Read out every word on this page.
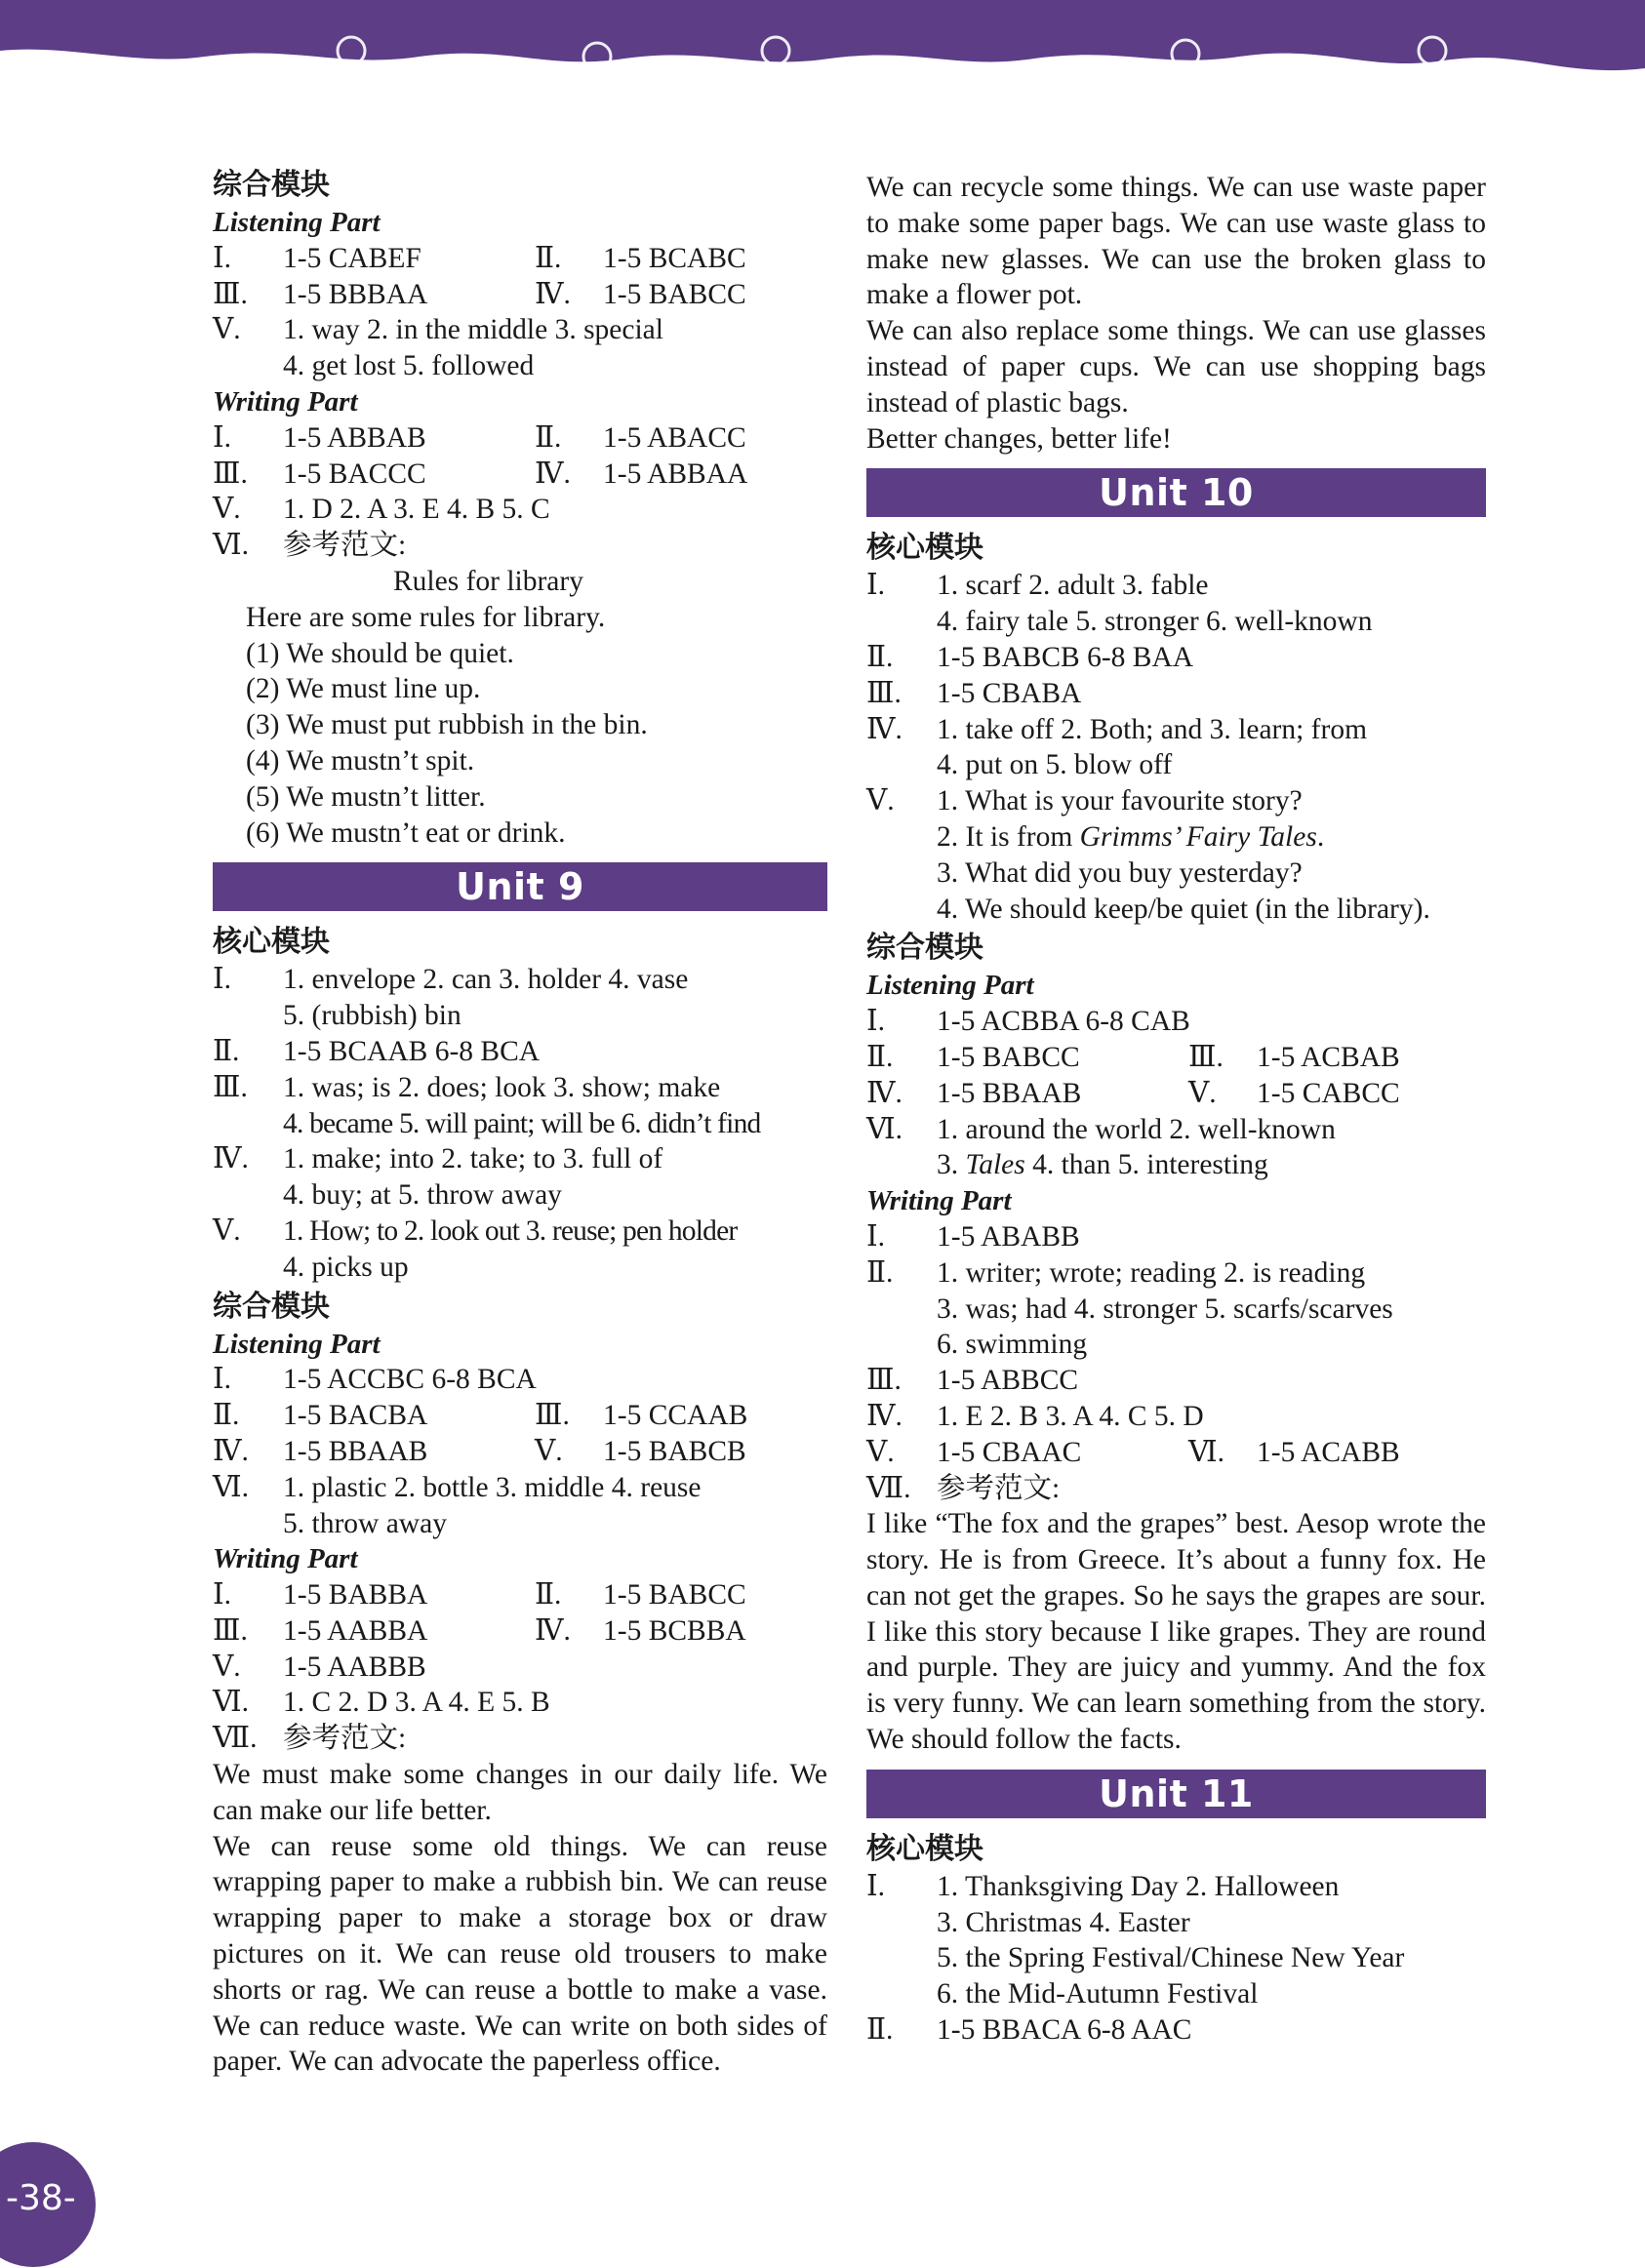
综合模块
Listening Part
Ⅰ. 1-5 CABEF	Ⅱ. 1-5 BCABC
Ⅲ. 1-5 BBBAA	Ⅳ. 1-5 BABCC
Ⅴ. 1. way 2. in the middle 3. special
4. get lost 5. followed
Writing Part
Ⅰ. 1-5 ABBAB	Ⅱ. 1-5 ABACC
Ⅲ. 1-5 BACCC	Ⅳ. 1-5 ABBAA
Ⅴ. 1. D 2. A 3. E 4. B 5. C
Ⅵ. 参考范文:
Rules for library
Here are some rules for library.
(1) We should be quiet.
(2) We must line up.
(3) We must put rubbish in the bin.
(4) We mustn’t spit.
(5) We mustn’t litter.
(6) We mustn’t eat or drink.
Unit 9
核心模块
Ⅰ. 1. envelope 2. can 3. holder 4. vase
5. (rubbish) bin
Ⅱ. 1-5 BCAAB 6-8 BCA
Ⅲ. 1. was; is 2. does; look 3. show; make
4. became 5. will paint; will be 6. didn’t find
Ⅳ. 1. make; into 2. take; to 3. full of
4. buy; at 5. throw away
Ⅴ. 1. How; to 2. look out 3. reuse; pen holder
4. picks up
综合模块
Listening Part
Ⅰ. 1-5 ACCBC 6-8 BCA
Ⅱ. 1-5 BACBA	Ⅲ. 1-5 CCAAB
Ⅳ. 1-5 BBAAB	Ⅴ. 1-5 BABCB
Ⅵ. 1. plastic 2. bottle 3. middle 4. reuse
5. throw away
Writing Part
Ⅰ. 1-5 BABBA	Ⅱ. 1-5 BABCC
Ⅲ. 1-5 AABBA	Ⅳ. 1-5 BCBBA
Ⅴ. 1-5 AABBB
Ⅵ. 1. C 2. D 3. A 4. E 5. B
Ⅶ. 参考范文:
We must make some changes in our daily life. We can make our life better.
We can reuse some old things. We can reuse wrapping paper to make a rubbish bin. We can reuse wrapping paper to make a storage box or draw pictures on it. We can reuse old trousers to make shorts or rag. We can reuse a bottle to make a vase. We can reduce waste. We can write on both sides of paper. We can advocate the paperless office.
We can recycle some things. We can use waste paper to make some paper bags. We can use waste glass to make new glasses. We can use the broken glass to make a flower pot.
We can also replace some things. We can use glasses instead of paper cups. We can use shopping bags instead of plastic bags.
Better changes, better life!
Unit 10
核心模块
Ⅰ. 1. scarf 2. adult 3. fable
4. fairy tale 5. stronger 6. well-known
Ⅱ. 1-5 BABCB 6-8 BAA
Ⅲ. 1-5 CBABA
Ⅳ. 1. take off 2. Both; and 3. learn; from
4. put on 5. blow off
Ⅴ. 1. What is your favourite story?
2. It is from Grimms’ Fairy Tales.
3. What did you buy yesterday?
4. We should keep/be quiet (in the library).
综合模块
Listening Part
Ⅰ. 1-5 ACBBA 6-8 CAB
Ⅱ. 1-5 BABCC	Ⅲ. 1-5 ACBAB
Ⅳ. 1-5 BBAAB	Ⅴ. 1-5 CABCC
Ⅵ. 1. around the world 2. well-known
3. Tales 4. than 5. interesting
Writing Part
Ⅰ. 1-5 ABABB
Ⅱ. 1. writer; wrote; reading 2. is reading
3. was; had 4. stronger 5. scarfs/scarves
6. swimming
Ⅲ. 1-5 ABBCC
Ⅳ. 1. E 2. B 3. A 4. C 5. D
Ⅴ. 1-5 CBAAC	Ⅵ. 1-5 ACABB
Ⅶ. 参考范文:
I like “The fox and the grapes” best. Aesop wrote the story. He is from Greece. It’s about a funny fox. He can not get the grapes. So he says the grapes are sour. I like this story because I like grapes. They are round and purple. They are juicy and yummy. And the fox is very funny. We can learn something from the story. We should follow the facts.
Unit 11
核心模块
Ⅰ. 1. Thanksgiving Day 2. Halloween
3. Christmas 4. Easter
5. the Spring Festival/Chinese New Year
6. the Mid-Autumn Festival
Ⅱ. 1-5 BBACA 6-8 AAC
-38-
